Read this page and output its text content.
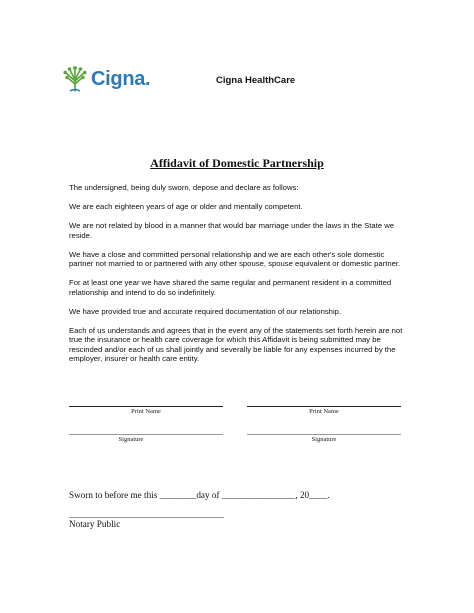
Cigna.	Cigna HealthCare
Affidavit of Domestic Partnership

The undersigned, being duly sworn, depose and declare as follows:

We are each eighteen years of age or older and mentally competent.

We are not related by blood in a manner that would bar marriage under the laws in the State we reside.

We have a close and committed personal relationship and we are each other's sole domestic partner not married to or partnered with any other spouse, spouse equivalent or domestic partner.

For at least one year we have shared the same regular and permanent resident in a committed relationship and intend to do so indefinitely.

We have provided true and accurate required documentation of our relationship.

Each of us understands and agrees that in the event any of the statements set forth herein are not true the insurance or health care coverage for which this Affidavit is being submitted may be rescinded and/or each of us shall jointly and severally be liable for any expenses incurred by the employer, insurer or health care entity.

Print Name	Print Name
Signature	Signature
Sworn to before me this ________day of ________________, 20____.
Notary Public
